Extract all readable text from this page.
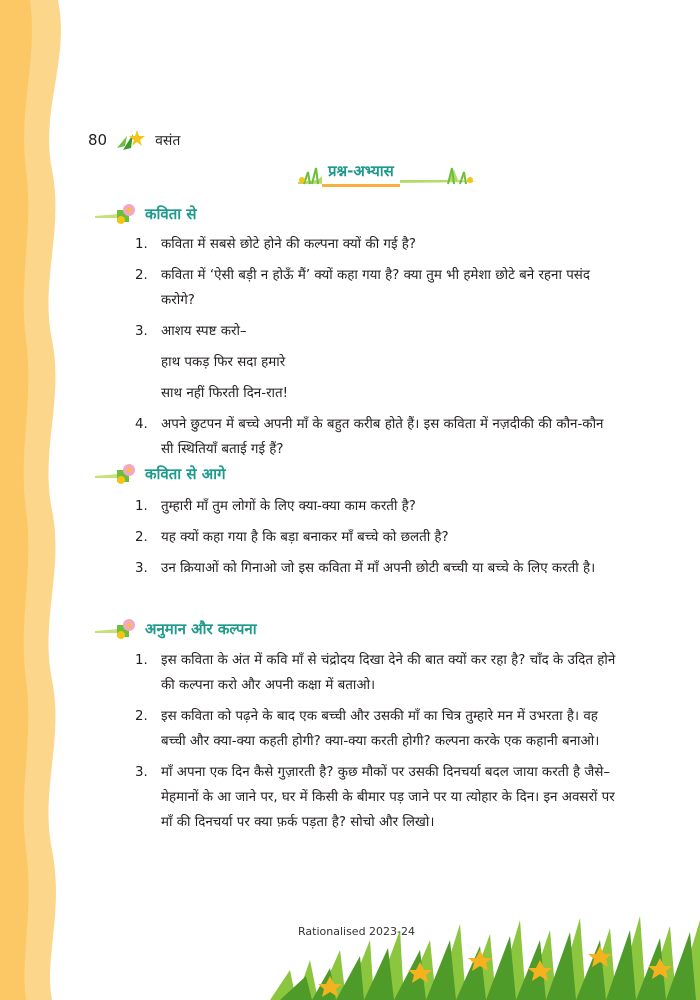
80	वसंत
प्रश्न-अभ्यास
कविता से
1. कविता में सबसे छोटे होने की कल्पना क्यों की गई है?
2. कविता में ‘ऐसी बड़ी न होऊँ मैं’ क्यों कहा गया है? क्या तुम भी हमेशा छोटे बने रहना पसंद करोगे?
3. आशय स्पष्ट करो–
हाथ पकड़ फिर सदा हमारे
साथ नहीं फिरती दिन-रात!
4. अपने छुटपन में बच्चे अपनी माँ के बहुत करीब होते हैं। इस कविता में नज़दीकी की कौन-कौन सी स्थितियाँ बताई गई हैं?
कविता से आगे
1. तुम्हारी माँ तुम लोगों के लिए क्या-क्या काम करती है?
2. यह क्यों कहा गया है कि बड़ा बनाकर माँ बच्चे को छलती है?
3. उन क्रियाओं को गिनाओ जो इस कविता में माँ अपनी छोटी बच्ची या बच्चे के लिए करती है।
अनुमान और कल्पना
1. इस कविता के अंत में कवि माँ से चंद्रोदय दिखा देने की बात क्यों कर रहा है? चाँद के उदित होने की कल्पना करो और अपनी कक्षा में बताओ।
2. इस कविता को पढ़ने के बाद एक बच्ची और उसकी माँ का चित्र तुम्हारे मन में उभरता है। वह बच्ची और क्या-क्या कहती होगी? क्या-क्या करती होगी? कल्पना करके एक कहानी बनाओ।
3. माँ अपना एक दिन कैसे गुज़ारती है? कुछ मौकों पर उसकी दिनचर्या बदल जाया करती है जैसे–मेहमानों के आ जाने पर, घर में किसी के बीमार पड़ जाने पर या त्योहार के दिन। इन अवसरों पर माँ की दिनचर्या पर क्या फ़र्क पड़ता है? सोचो और लिखो।
Rationalised 2023-24
